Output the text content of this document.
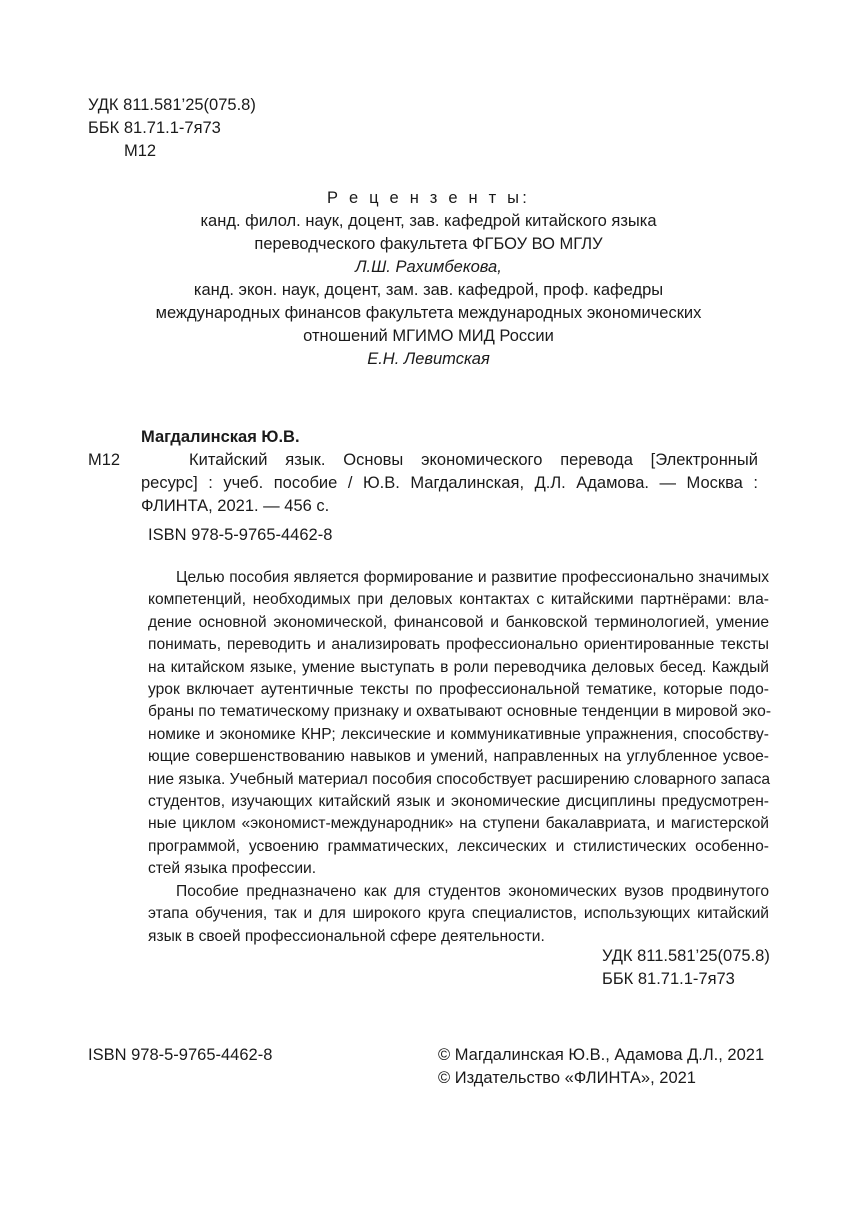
УДК 811.581’25(075.8)
ББК 81.71.1-7я73
М12
Р е ц е н з е н т ы:
канд. филол. наук, доцент, зав. кафедрой китайского языка
переводческого факультета ФГБОУ ВО МГЛУ
Л.Ш. Рахимбекова,
канд. экон. наук, доцент, зам. зав. кафедрой, проф. кафедры
международных финансов факультета международных экономических
отношений МГИМО МИД России
Е.Н. Левитская
Магдалинская Ю.В.
М12	Китайский язык. Основы экономического перевода [Электронный
ресурс] : учеб. пособие / Ю.В. Магдалинская, Д.Л. Адамова. — Москва :
ФЛИНТА, 2021. — 456 с.
ISBN 978-5-9765-4462-8
Целью пособия является формирование и развитие профессионально значимых
компетенций, необходимых при деловых контактах с китайскими партнёрами: вла-
дение основной экономической, финансовой и банковской терминологией, умение
понимать, переводить и анализировать профессионально ориентированные тексты
на китайском языке, умение выступать в роли переводчика деловых бесед. Каждый
урок включает аутентичные тексты по профессиональной тематике, которые подо-
браны по тематическому признаку и охватывают основные тенденции в мировой эко-
номике и экономике КНР; лексические и коммуникативные упражнения, способству-
ющие совершенствованию навыков и умений, направленных на углубленное усвое-
ние языка. Учебный материал пособия способствует расширению словарного запаса
студентов, изучающих китайский язык и экономические дисциплины предусмотрен-
ные циклом «экономист-международник» на ступени бакалавриата, и магистерской
программой, усвоению грамматических, лексических и стилистических особенно-
стей языка профессии.
Пособие предназначено как для студентов экономических вузов продвинутого
этапа обучения, так и для широкого круга специалистов, использующих китайский
язык в своей профессиональной сфере деятельности.
УДК 811.581’25(075.8)
ББК 81.71.1-7я73
ISBN 978-5-9765-4462-8	© Магдалинская Ю.В., Адамова Д.Л., 2021
© Издательство «ФЛИНТА», 2021
